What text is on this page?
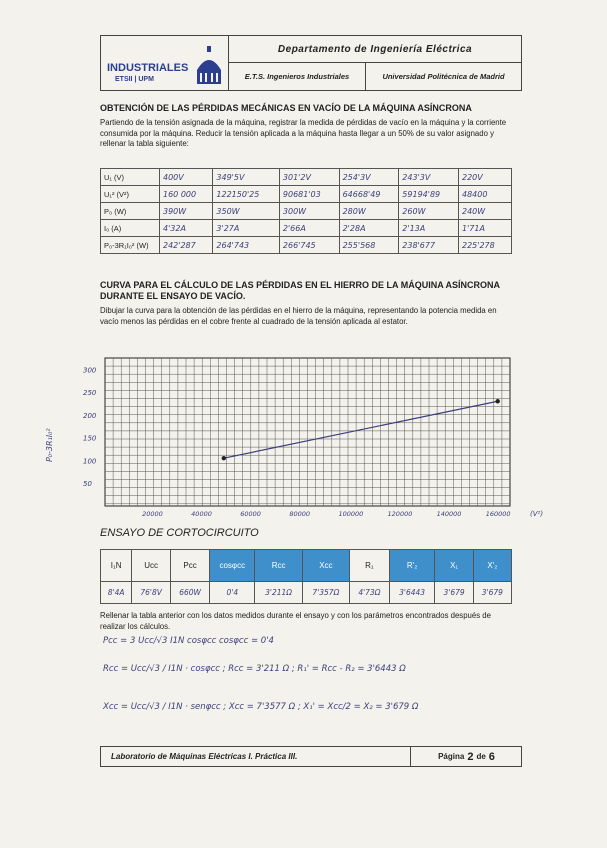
INDUSTRIALES
ETSII | UPM
Departamento de Ingeniería Eléctrica
E.T.S. Ingenieros Industriales	Universidad Politécnica de Madrid
OBTENCIÓN DE LAS PÉRDIDAS MECÁNICAS EN VACÍO DE LA MÁQUINA ASÍNCRONA
Partiendo de la tensión asignada de la máquina, registrar la medida de pérdidas de vacío en la máquina y la corriente consumida por la máquina. Reducir la tensión aplicada a la máquina hasta llegar a un 50% de su valor asignado y rellenar la tabla siguiente:
U₁ (V)	400V	349'5V	301'2V	254'3V	243'3V	220V
U₁² (V²)	160 000	122150'25	90681'03	64668'49	59194'89	48400
P₀ (W)	390W	350W	300W	280W	260W	240W
I₀ (A)	4'32A	3'27A	2'66A	2'28A	2'13A	1'71A
P₀-3R₁I₀² (W)	242'287	264'743	266'745	255'568	238'677	225'278
CURVA PARA EL CÁLCULO DE LAS PÉRDIDAS EN EL HIERRO DE LA MÁQUINA ASÍNCRONA DURANTE EL ENSAYO DE VACÍO.
Dibujar la curva para la obtención de las pérdidas en el hierro de la máquina, representando la potencia medida en vacío menos las pérdidas en el cobre frente al cuadrado de la tensión aplicada al estator.
300
250
200
150
100
50
20000	40000	60000	80000	100000	120000	140000	160000	(V²)
P₀-3R₁I₀²
ENSAYO DE CORTOCIRCUITO
I₁N	Ucc	Pcc	cosφcc	Rcc	Xcc	R₁	R'₂	X₁	X'₂
8'4A	76'8V	660W	0'4	3'211Ω	7'357Ω	4'73Ω	3'6443	3'679	3'679
Rellenar la tabla anterior con los datos medidos durante el ensayo y con los parámetros encontrados después de realizar los cálculos.
Pcc = 3 Ucc/√3 I1N cosφcc cosφcc = 0'4
Rcc = Ucc/√3 / I1N · cosφcc ; Rcc = 3'211 Ω ; R₁' = Rcc - R₂ = 3'6443 Ω
Xcc = Ucc/√3 / I1N · senφcc ; Xcc = 7'3577 Ω ; X₁' = Xcc/2 = X₂ = 3'679 Ω
Laboratorio de Máquinas Eléctricas I. Práctica III.	Página 2 de 6
